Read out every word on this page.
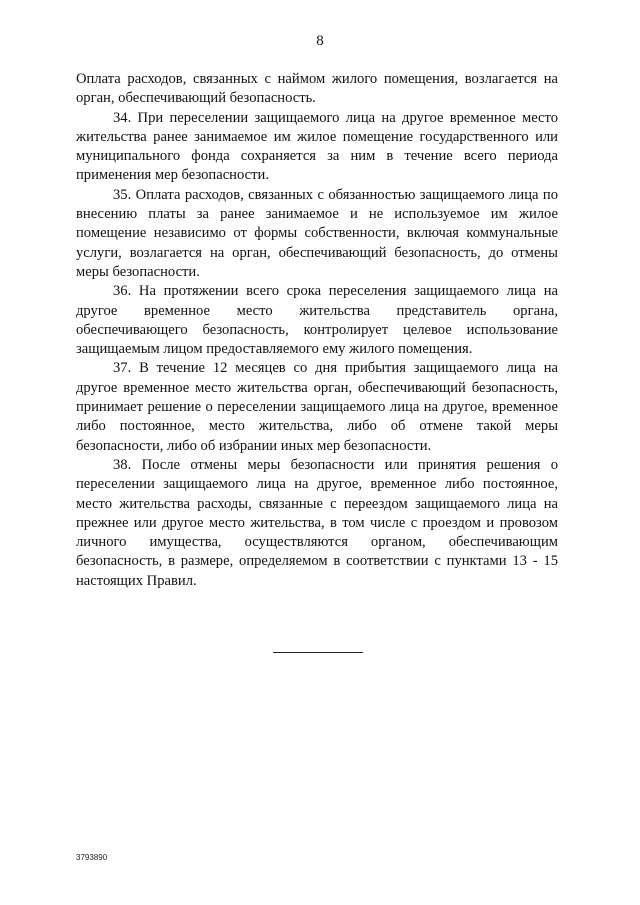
8

Оплата расходов, связанных с наймом жилого помещения, возлагается на орган, обеспечивающий безопасность.

34. При переселении защищаемого лица на другое временное место жительства ранее занимаемое им жилое помещение государственного или муниципального фонда сохраняется за ним в течение всего периода применения мер безопасности.

35. Оплата расходов, связанных с обязанностью защищаемого лица по внесению платы за ранее занимаемое и не используемое им жилое помещение независимо от формы собственности, включая коммунальные услуги, возлагается на орган, обеспечивающий безопасность, до отмены меры безопасности.

36. На протяжении всего срока переселения защищаемого лица на другое временное место жительства представитель органа, обеспечивающего безопасность, контролирует целевое использование защищаемым лицом предоставляемого ему жилого помещения.

37. В течение 12 месяцев со дня прибытия защищаемого лица на другое временное место жительства орган, обеспечивающий безопасность, принимает решение о переселении защищаемого лица на другое, временное либо постоянное, место жительства, либо об отмене такой меры безопасности, либо об избрании иных мер безопасности.

38. После отмены меры безопасности или принятия решения о переселении защищаемого лица на другое, временное либо постоянное, место жительства расходы, связанные с переездом защищаемого лица на прежнее или другое место жительства, в том числе с проездом и провозом личного имущества, осуществляются органом, обеспечивающим безопасность, в размере, определяемом в соответствии с пунктами 13 - 15 настоящих Правил.

3793890
